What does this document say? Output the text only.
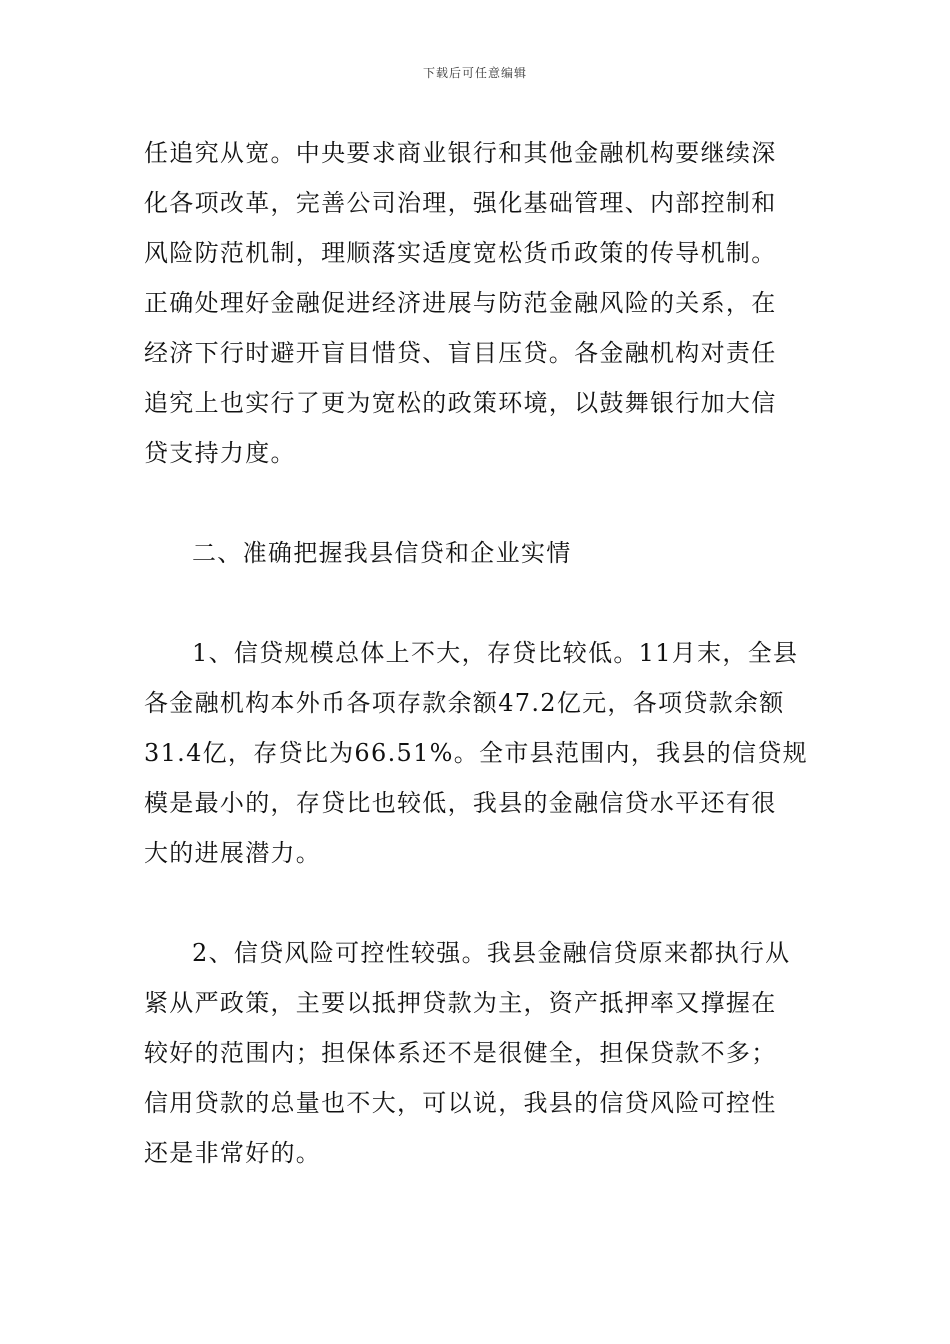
下载后可任意编辑
任追究从宽。中央要求商业银行和其他金融机构要继续深
化各项改革，完善公司治理，强化基础管理、内部控制和
风险防范机制，理顺落实适度宽松货币政策的传导机制。
正确处理好金融促进经济进展与防范金融风险的关系，在
经济下行时避开盲目惜贷、盲目压贷。各金融机构对责任
追究上也实行了更为宽松的政策环境，以鼓舞银行加大信
贷支持力度。
二、准确把握我县信贷和企业实情
1、信贷规模总体上不大，存贷比较低。11月末，全县
各金融机构本外币各项存款余额47.2亿元，各项贷款余额
31.4亿，存贷比为66.51%。全市县范围内，我县的信贷规
模是最小的，存贷比也较低，我县的金融信贷水平还有很
大的进展潜力。
2、信贷风险可控性较强。我县金融信贷原来都执行从
紧从严政策，主要以抵押贷款为主，资产抵押率又撑握在
较好的范围内；担保体系还不是很健全，担保贷款不多；
信用贷款的总量也不大，可以说，我县的信贷风险可控性
还是非常好的。
